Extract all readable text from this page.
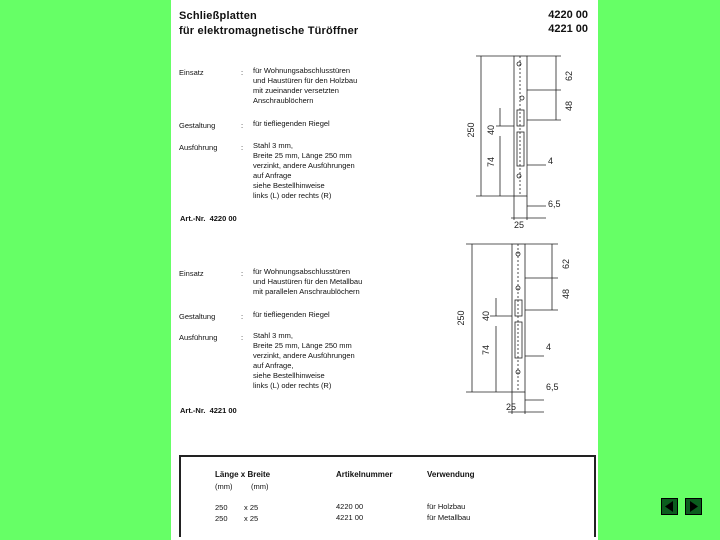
Schließplatten
für elektromagnetische Türöffner
4220 00
4221 00
Einsatz	: für Wohnungsabschlusstüren
und Haustüren für den Holzbau
mit zueinander versetzten
Anschraublöchern
Gestaltung	: für tiefliegenden Riegel
Ausführung	: Stahl 3 mm,
Breite 25 mm, Länge 250 mm
verzinkt, andere Ausführungen
auf Anfrage
siehe Bestellhinweise
links (L) oder rechts (R)
Art.-Nr. 4220 00
62
48
250 40
74	4
6,5
25
Einsatz	: für Wohnungsabschlusstüren
und Haustüren für den Metallbau
mit parallelen Anschraublöchern
Gestaltung	: für tiefliegenden Riegel
Ausführung	: Stahl 3 mm,
Breite 25 mm, Länge 250 mm
verzinkt, andere Ausführungen
auf Anfrage,
siehe Bestellhinweise
links (L) oder rechts (R)
Art.-Nr. 4221 00
62
48
250 40
74	4
6,5
25
Länge x Breite	Artikelnummer	Verwendung
(mm) (mm)
250 x 25	4220 00	für Holzbau
250 x 25	4221 00	für Metallbau
